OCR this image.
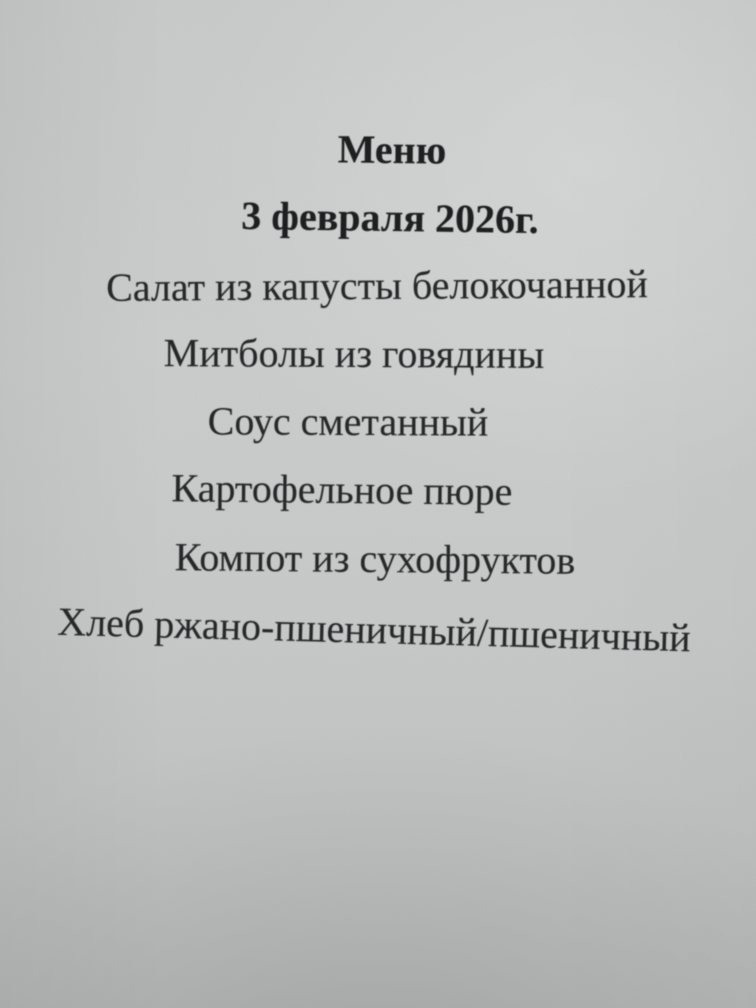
Меню
3 февраля 2026г.
Салат из капусты белокочанной
Митболы из говядины
Соус сметанный
Картофельное пюре
Компот из сухофруктов
Хлеб ржано-пшеничный/пшеничный
